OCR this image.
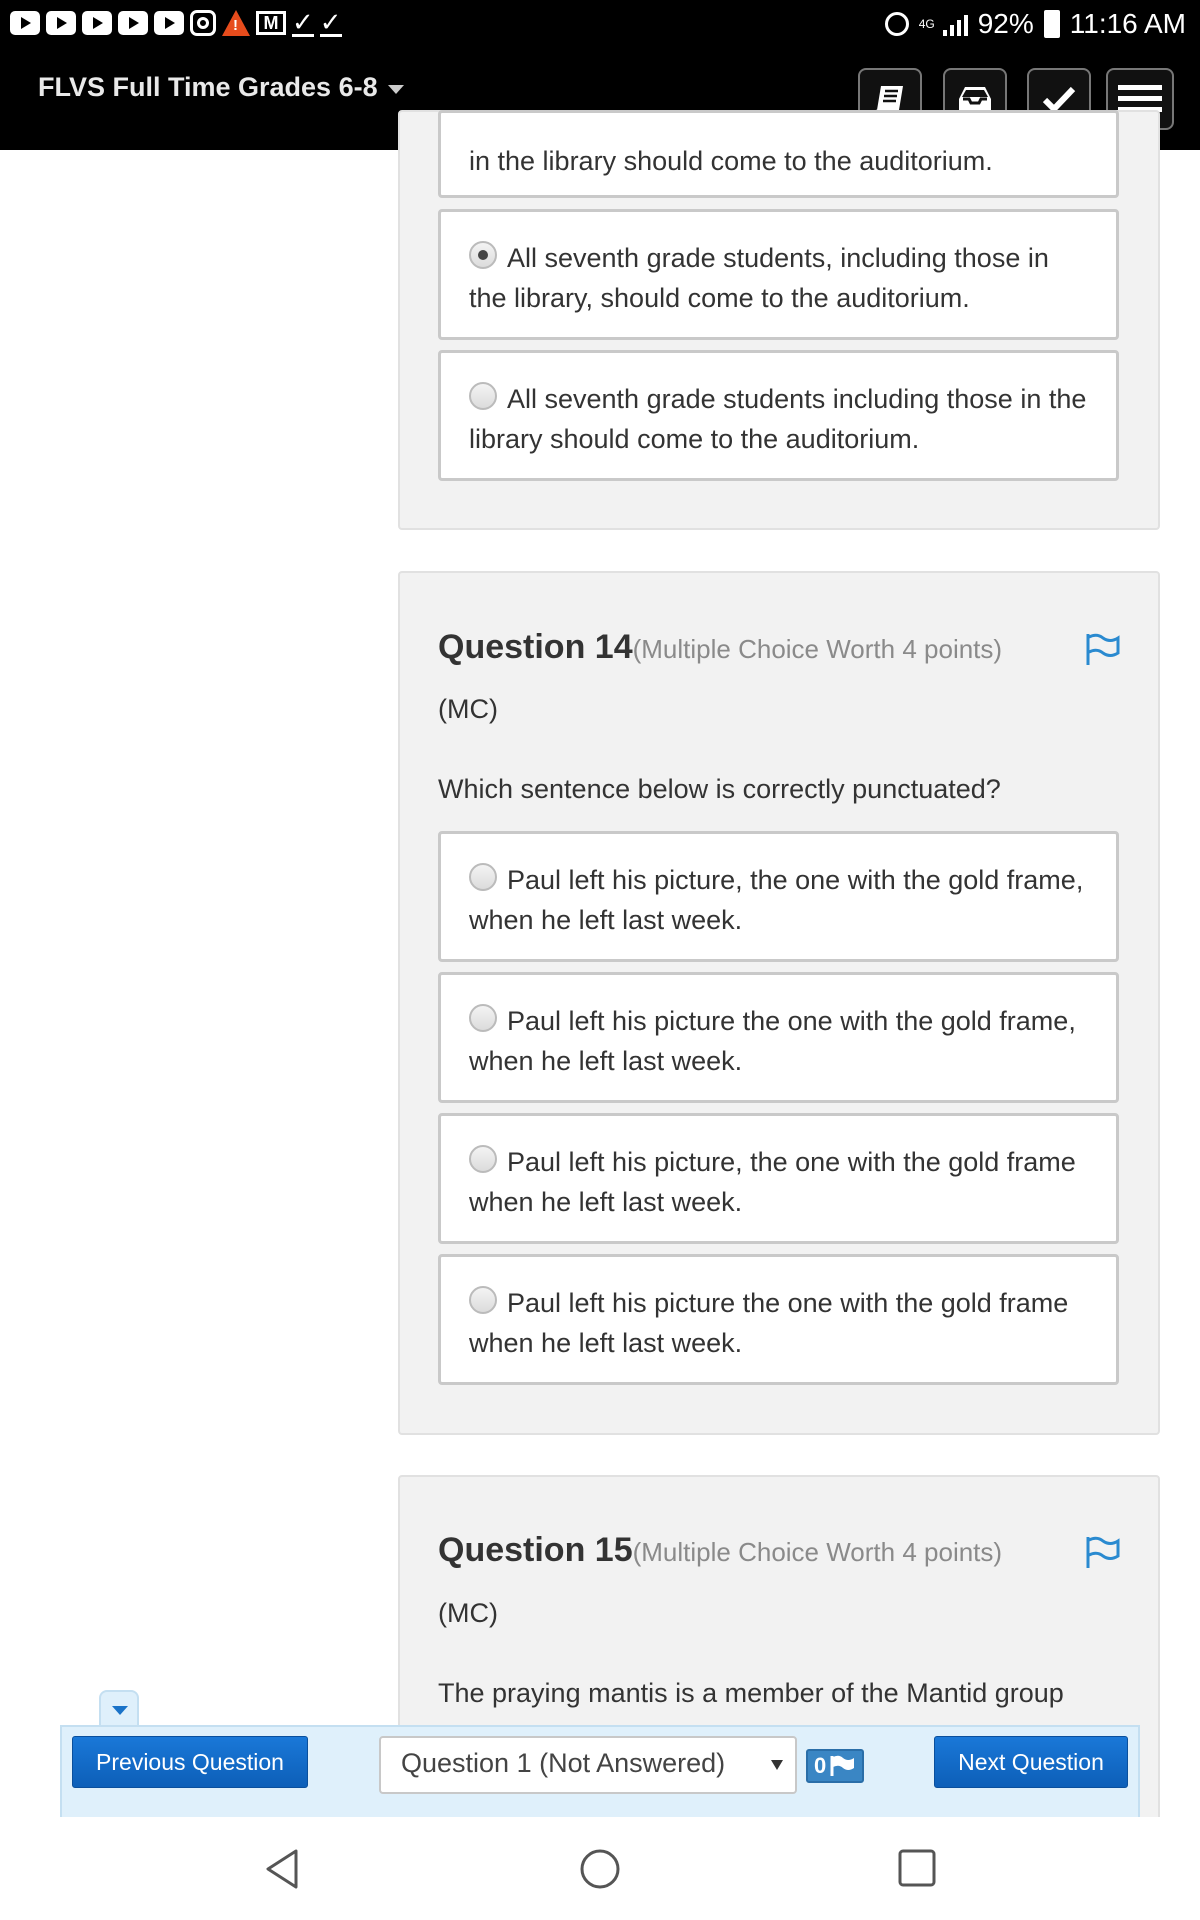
!	M ✓ ✓	4G 92% 11:16 AM
FLVS Full Time Grades 6-8
in the library should come to the auditorium.
All seventh grade students, including those in the library, should come to the auditorium.
All seventh grade students including those in the library should come to the auditorium.
Question 14 (Multiple Choice Worth 4 points)
(MC)
Which sentence below is correctly punctuated?
Paul left his picture, the one with the gold frame, when he left last week.
Paul left his picture the one with the gold frame, when he left last week.
Paul left his picture, the one with the gold frame when he left last week.
Paul left his picture the one with the gold frame when he left last week.
Question 15 (Multiple Choice Worth 4 points)
(MC)
The praying mantis is a member of the Mantid group
Previous Question	Question 1 (Not Answered)	0	Next Question
